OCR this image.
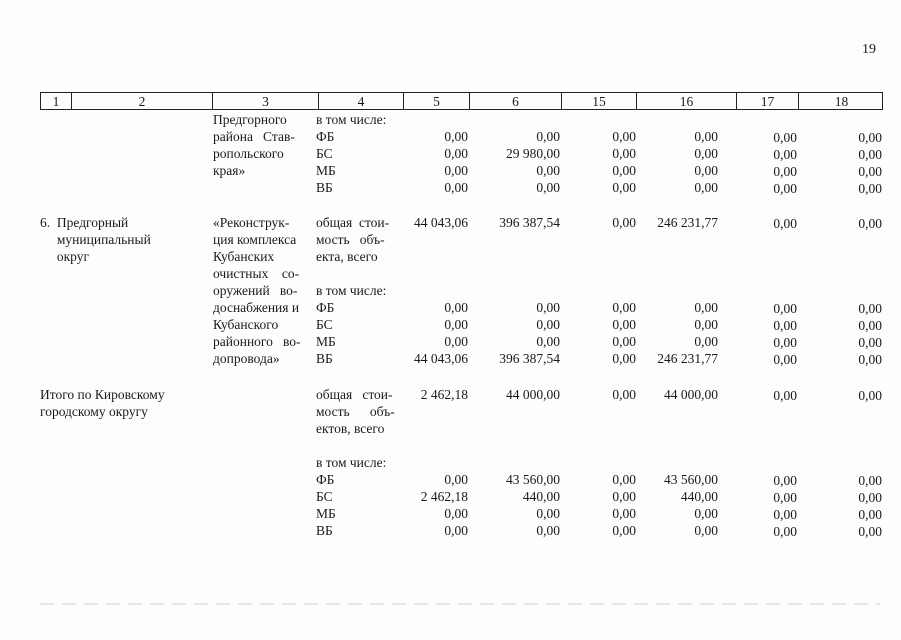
19
1	2	3	4	5	6	15	16	17	18
Предгорного
района   Став-
ропольского
края»
в том числе:
ФБ	0,00	0,00	0,00	0,00	0,00	0,00
БС	0,00	29 980,00	0,00	0,00	0,00	0,00
МБ	0,00	0,00	0,00	0,00	0,00	0,00
ВБ	0,00	0,00	0,00	0,00	0,00	0,00
6.  Предгорный
муниципальный
округ
«Реконструк-
ция комплекса
Кубанских
очистных    со-
оружений   во-
доснабжения и
Кубанского
районного   во-
допровода»
общая  стои-	44 043,06	396 387,54	0,00	246 231,77	0,00	0,00
мость   объ-
екта, всего
в том числе:
ФБ	0,00	0,00	0,00	0,00	0,00	0,00
БС	0,00	0,00	0,00	0,00	0,00	0,00
МБ	0,00	0,00	0,00	0,00	0,00	0,00
ВБ	44 043,06	396 387,54	0,00	246 231,77	0,00	0,00
Итого по Кировскому
городскому округу
общая   стои-	2 462,18	44 000,00	0,00	44 000,00	0,00	0,00
мость      объ-
ектов, всего
в том числе:
ФБ	0,00	43 560,00	0,00	43 560,00	0,00	0,00
БС	2 462,18	440,00	0,00	440,00	0,00	0,00
МБ	0,00	0,00	0,00	0,00	0,00	0,00
ВБ	0,00	0,00	0,00	0,00	0,00	0,00
